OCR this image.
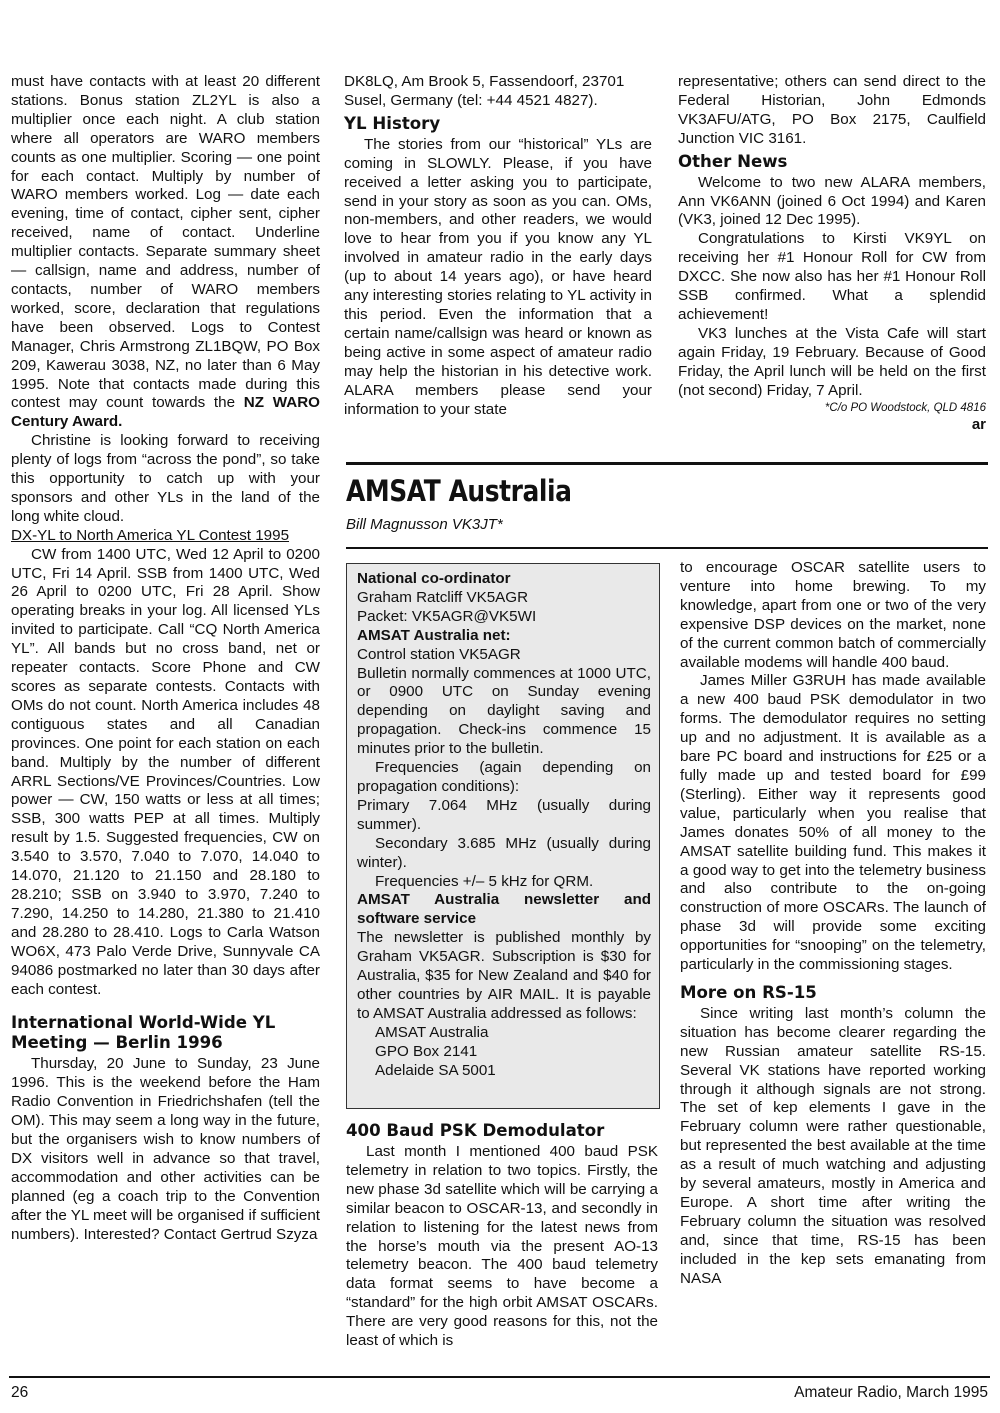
must have contacts with at least 20 different stations. Bonus station ZL2YL is also a multiplier once each night. A club station where all operators are WARO members counts as one multiplier. Scoring — one point for each contact. Multiply by number of WARO members worked. Log — date each evening, time of contact, cipher sent, cipher received, name of contact. Underline multiplier contacts. Separate summary sheet — callsign, name and address, number of contacts, number of WARO members worked, score, declaration that regulations have been observed. Logs to Contest Manager, Chris Armstrong ZL1BQW, PO Box 209, Kawerau 3038, NZ, no later than 6 May 1995. Note that contacts made during this contest may count towards the NZ WARO Century Award.

Christine is looking forward to receiving plenty of logs from “across the pond”, so take this opportunity to catch up with your sponsors and other YLs in the land of the long white cloud.

DX-YL to North America YL Contest 1995

CW from 1400 UTC, Wed 12 April to 0200 UTC, Fri 14 April. SSB from 1400 UTC, Wed 26 April to 0200 UTC, Fri 28 April. Show operating breaks in your log. All licensed YLs invited to participate. Call “CQ North America YL”. All bands but no cross band, net or repeater contacts. Score Phone and CW scores as separate contests. Contacts with OMs do not count. North America includes 48 contiguous states and all Canadian provinces. One point for each station on each band. Multiply by the number of different ARRL Sections/VE Provinces/Countries. Low power — CW, 150 watts or less at all times; SSB, 300 watts PEP at all times. Multiply result by 1.5. Suggested frequencies, CW on 3.540 to 3.570, 7.040 to 7.070, 14.040 to 14.070, 21.120 to 21.150 and 28.180 to 28.210; SSB on 3.940 to 3.970, 7.240 to 7.290, 14.250 to 14.280, 21.380 to 21.410 and 28.280 to 28.410. Logs to Carla Watson WO6X, 473 Palo Verde Drive, Sunnyvale CA 94086 postmarked no later than 30 days after each contest.

International World-Wide YL Meeting — Berlin 1996

Thursday, 20 June to Sunday, 23 June 1996. This is the weekend before the Ham Radio Convention in Friedrichshafen (tell the OM). This may seem a long way in the future, but the organisers wish to know numbers of DX visitors well in advance so that travel, accommodation and other activities can be planned (eg a coach trip to the Convention after the YL meet will be organised if sufficient numbers). Interested? Contact Gertrud Szyza

DK8LQ, Am Brook 5, Fassendoorf, 23701 Susel, Germany (tel: +44 4521 4827).

YL History

The stories from our “historical” YLs are coming in SLOWLY. Please, if you have received a letter asking you to participate, send in your story as soon as you can. OMs, non-members, and other readers, we would love to hear from you if you know any YL involved in amateur radio in the early days (up to about 14 years ago), or have heard any interesting stories relating to YL activity in this period. Even the information that a certain name/callsign was heard or known as being active in some aspect of amateur radio may help the historian in his detective work. ALARA members please send your information to your state

representative; others can send direct to the Federal Historian, John Edmonds VK3AFU/ATG, PO Box 2175, Caulfield Junction VIC 3161.

Other News

Welcome to two new ALARA members, Ann VK6ANN (joined 6 Oct 1994) and Karen (VK3, joined 12 Dec 1995).

Congratulations to Kirsti VK9YL on receiving her #1 Honour Roll for CW from DXCC. She now also has her #1 Honour Roll SSB confirmed. What a splendid achievement!

VK3 lunches at the Vista Cafe will start again Friday, 19 February. Because of Good Friday, the April lunch will be held on the first (not second) Friday, 7 April.

*C/o PO Woodstock, QLD 4816
ar
AMSAT Australia
Bill Magnusson VK3JT*

National co-ordinator

Graham Ratcliff VK5AGR

Packet: VK5AGR@VK5WI

AMSAT Australia net:

Control station VK5AGR

Bulletin normally commences at 1000 UTC, or 0900 UTC on Sunday evening depending on daylight saving and propagation. Check-ins commence 15 minutes prior to the bulletin.

Frequencies (again depending on propagation conditions):

Primary 7.064 MHz (usually during summer).

Secondary 3.685 MHz (usually during winter).

Frequencies +/– 5 kHz for QRM.

AMSAT Australia newsletter and software service

The newsletter is published monthly by Graham VK5AGR. Subscription is $30 for Australia, $35 for New Zealand and $40 for other countries by AIR MAIL. It is payable to AMSAT Australia addressed as follows:

AMSAT Australia

GPO Box 2141

Adelaide SA 5001

400 Baud PSK Demodulator

Last month I mentioned 400 baud PSK telemetry in relation to two topics. Firstly, the new phase 3d satellite which will be carrying a similar beacon to OSCAR-13, and secondly in relation to listening for the latest news from the horse’s mouth via the present AO-13 telemetry beacon. The 400 baud telemetry data format seems to have become a “standard” for the high orbit AMSAT OSCARs. There are very good reasons for this, not the least of which is

to encourage OSCAR satellite users to venture into home brewing. To my knowledge, apart from one or two of the very expensive DSP devices on the market, none of the current common batch of commercially available modems will handle 400 baud.

James Miller G3RUH has made available a new 400 baud PSK demodulator in two forms. The demodulator requires no setting up and no adjustment. It is available as a bare PC board and instructions for £25 or a fully made up and tested board for £99 (Sterling). Either way it represents good value, particularly when you realise that James donates 50% of all money to the AMSAT satellite building fund. This makes it a good way to get into the telemetry business and also contribute to the on-going construction of more OSCARs. The launch of phase 3d will provide some exciting opportunities for “snooping” on the telemetry, particularly in the commissioning stages.

More on RS-15

Since writing last month’s column the situation has become clearer regarding the new Russian amateur satellite RS-15. Several VK stations have reported working through it although signals are not strong. The set of kep elements I gave in the February column were rather questionable, but represented the best available at the time as a result of much watching and adjusting by several amateurs, mostly in America and Europe. A short time after writing the February column the situation was resolved and, since that time, RS-15 has been included in the kep sets emanating from NASA

26	Amateur Radio, March 1995
